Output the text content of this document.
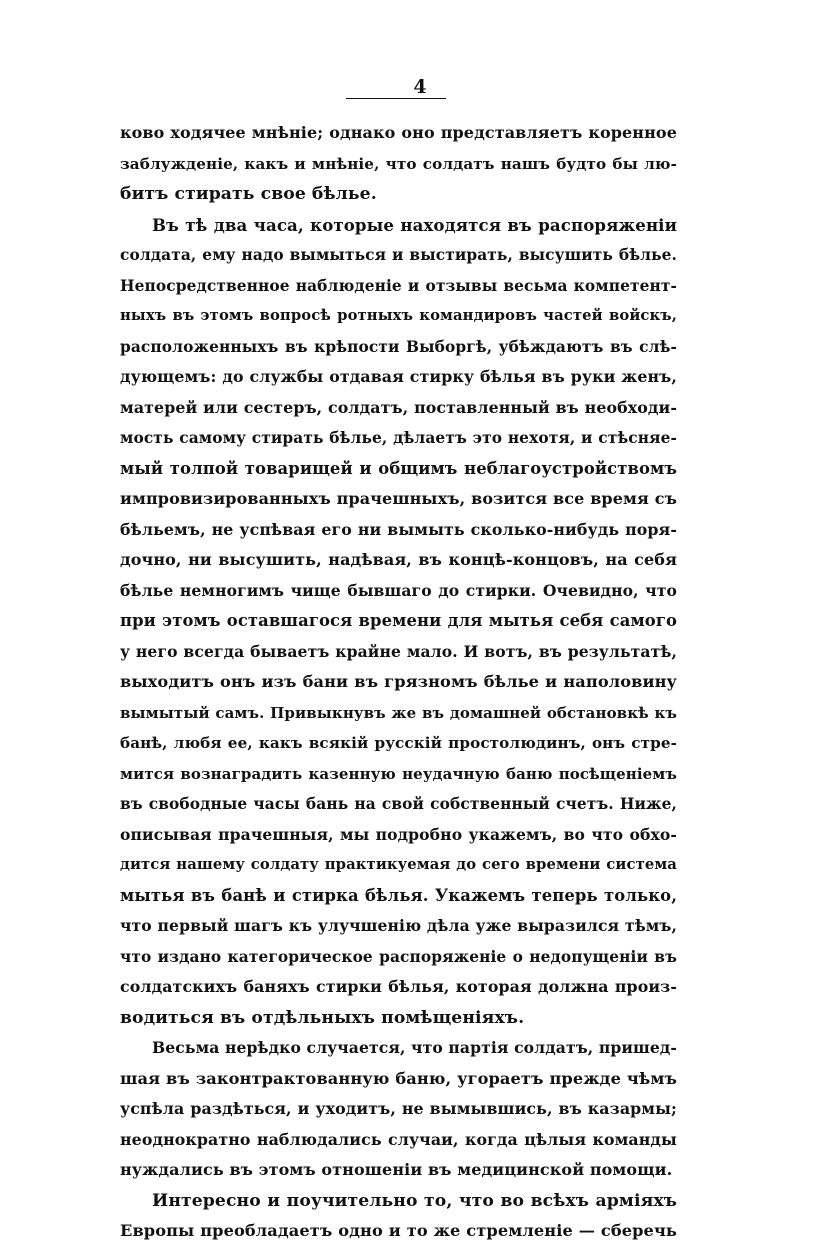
4
ково ходячее мнѣніе; однако оно представляетъ коренное
заблужденіе, какъ и мнѣніе, что солдатъ нашъ будто бы лю-
битъ стирать свое бѣлье.
Въ тѣ два часа, которые находятся въ распоряженіи
солдата, ему надо вымыться и выстирать, высушить бѣлье.
Непосредственное наблюденіе и отзывы весьма компетент-
ныхъ въ этомъ вопросѣ ротныхъ командировъ частей войскъ,
расположенныхъ въ крѣпости Выборгѣ, убѣждаютъ въ слѣ-
дующемъ: до службы отдавая стирку бѣлья въ руки женъ,
матерей или сестеръ, солдатъ, поставленный въ необходи-
мость самому стирать бѣлье, дѣлаетъ это нехотя, и стѣсняе-
мый толпой товарищей и общимъ неблагоустройствомъ
импровизированныхъ прачешныхъ, возится все время съ
бѣльемъ, не успѣвая его ни вымыть сколько-нибудь поря-
дочно, ни высушить, надѣвая, въ концѣ-концовъ, на себя
бѣлье немногимъ чище бывшаго до стирки. Очевидно, что
при этомъ оставшагося времени для мытья себя самого
у него всегда бываетъ крайне мало. И вотъ, въ результатѣ,
выходитъ онъ изъ бани въ грязномъ бѣлье и наполовину
вымытый самъ. Привыкнувъ же въ домашней обстановкѣ къ
банѣ, любя ее, какъ всякій русскій простолюдинъ, онъ стре-
мится вознаградить казенную неудачную баню посѣщеніемъ
въ свободные часы бань на свой собственный счетъ. Ниже,
описывая прачешныя, мы подробно укажемъ, во что обхо-
дится нашему солдату практикуемая до сего времени система
мытья въ банѣ и стирка бѣлья. Укажемъ теперь только,
что первый шагъ къ улучшенію дѣла уже выразился тѣмъ,
что издано категорическое распоряженіе о недопущеніи въ
солдатскихъ баняхъ стирки бѣлья, которая должна произ-
водиться въ отдѣльныхъ помѣщеніяхъ.
Весьма нерѣдко случается, что партія солдатъ, пришед-
шая въ законтрактованную баню, угораетъ прежде чѣмъ
успѣла раздѣться, и уходитъ, не вымывшись, въ казармы;
неоднократно наблюдались случаи, когда цѣлыя команды
нуждались въ этомъ отношеніи въ медицинской помощи.
Интересно и поучительно то, что во всѣхъ арміяхъ
Европы преобладаетъ одно и то же стремленіе — сберечь
